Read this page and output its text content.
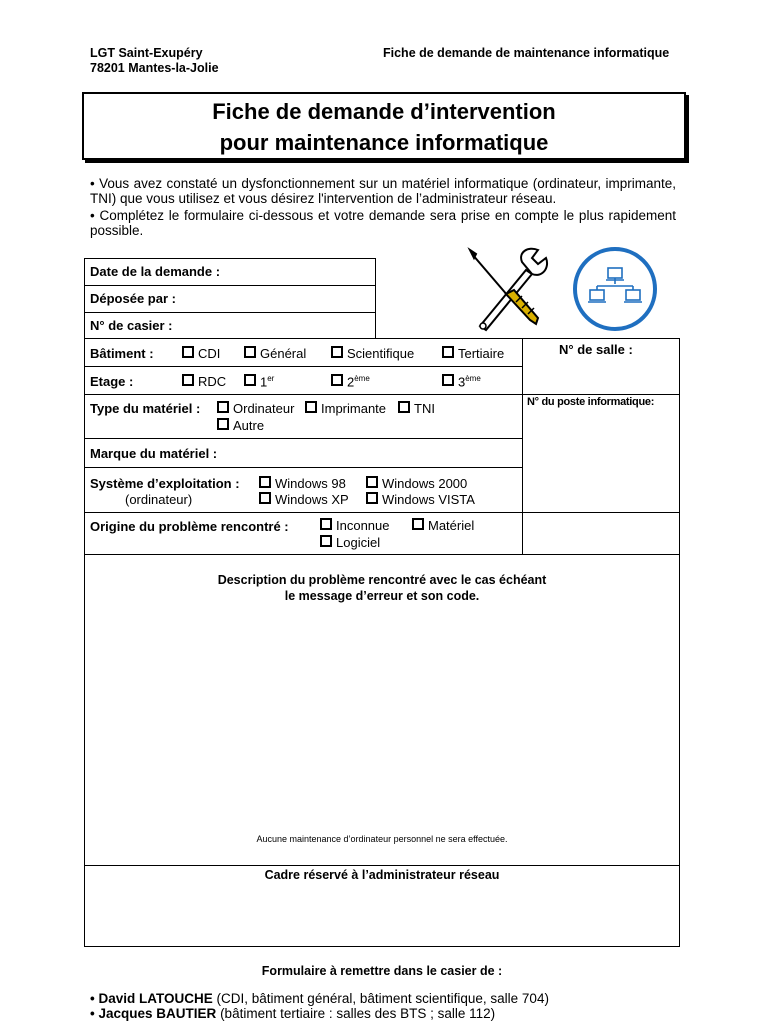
LGT Saint-Exupéry
78201 Mantes-la-Jolie
Fiche de demande de maintenance informatique
Fiche de demande d’intervention
pour maintenance informatique
• Vous avez constaté un dysfonctionnement sur un matériel informatique (ordinateur, imprimante, TNI) que vous utilisez et vous désirez l'intervention de l’administrateur réseau.
• Complétez le formulaire ci-dessous et votre demande sera prise en compte le plus rapidement possible.
Date de la demande :
Déposée par :
N° de casier :
Bâtiment :	CDI	Général	Scientifique	Tertiaire	N° de salle :
Etage :	RDC	1er	2ème	3ème
N° du poste informatique:
Type du matériel :	Ordinateur	Imprimante	TNI
Autre
Marque du matériel :
Système d’exploitation :
(ordinateur)
Windows 98	Windows 2000
Windows XP	Windows VISTA
Origine du problème rencontré :	Inconnue	Matériel
Logiciel
Description du problème rencontré avec le cas échéant
le message d’erreur et son code.
Aucune maintenance d’ordinateur personnel ne sera effectuée.
Cadre réservé à l’administrateur réseau
Formulaire à remettre dans le casier de :
• David LATOUCHE (CDI, bâtiment général, bâtiment scientifique, salle 704)
• Jacques BAUTIER (bâtiment tertiaire : salles des BTS ; salle 112)
